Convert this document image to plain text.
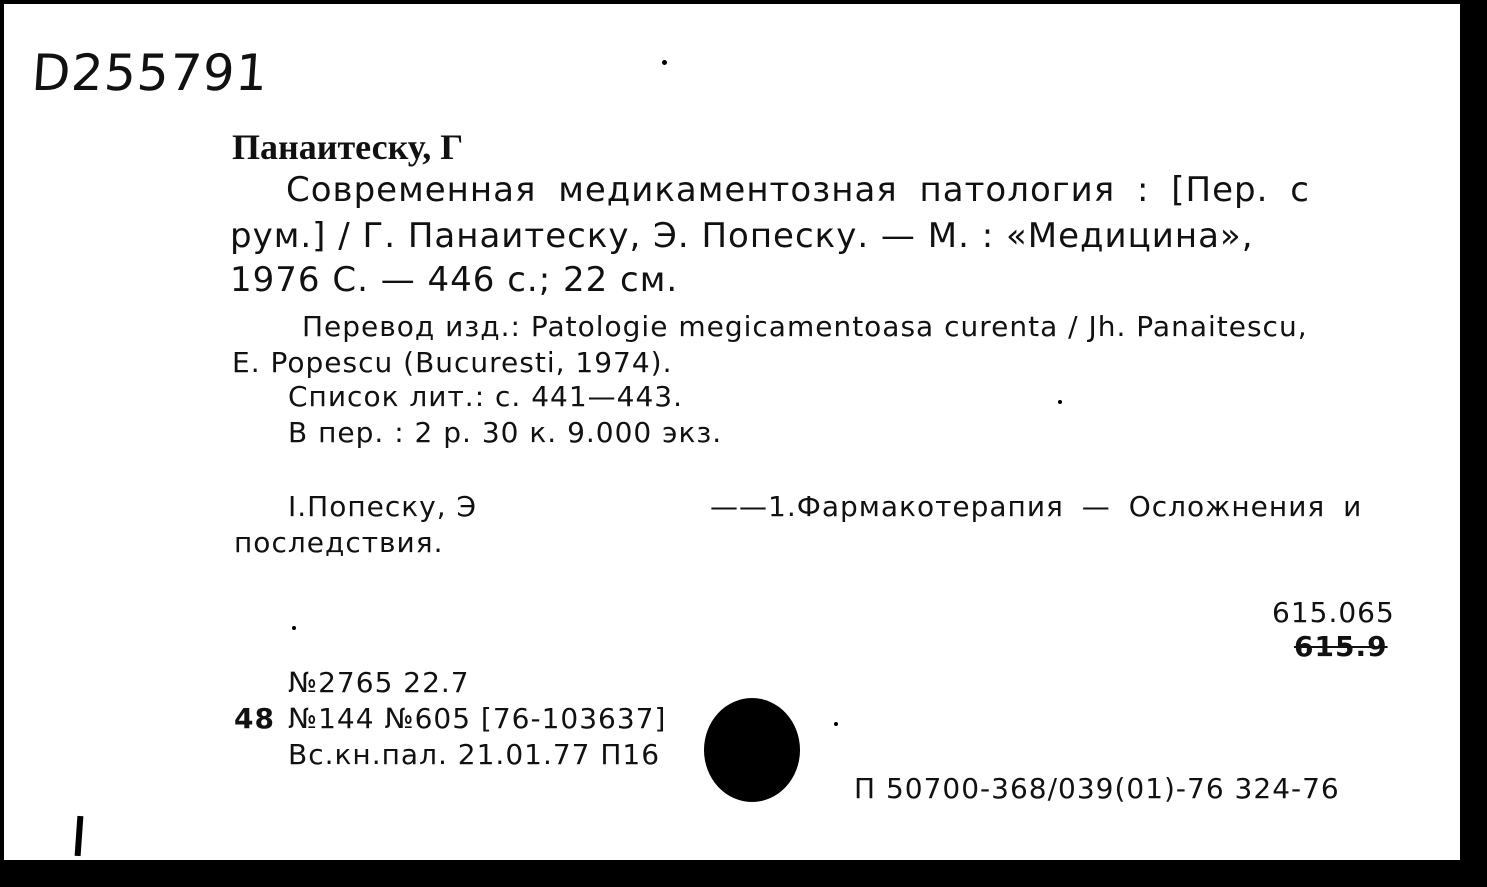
D255791
Панаитеску, Г
Современная медикаментозная патология : [Пер. с
рум.] / Г. Панаитеску, Э. Попеску. — М. : «Медицина»,
1976 С. — 446 с.; 22 см.
Перевод изд.: Patologie megicamentoasa curenta / Jh. Panaitescu,
E. Popescu (Bucuresti, 1974).
Список лит.: с. 441—443.
В пер. : 2 р. 30 к. 9.000 экз.
I.Попеску, Э	——1.Фармакотерапия — Осложнения и
последствия.
615.065
615.9
№2765 22.7
48 №144 №605 [76-103637]
Вс.кн.пал. 21.01.77 П16
П 50700-368/039(01)-76 324-76
